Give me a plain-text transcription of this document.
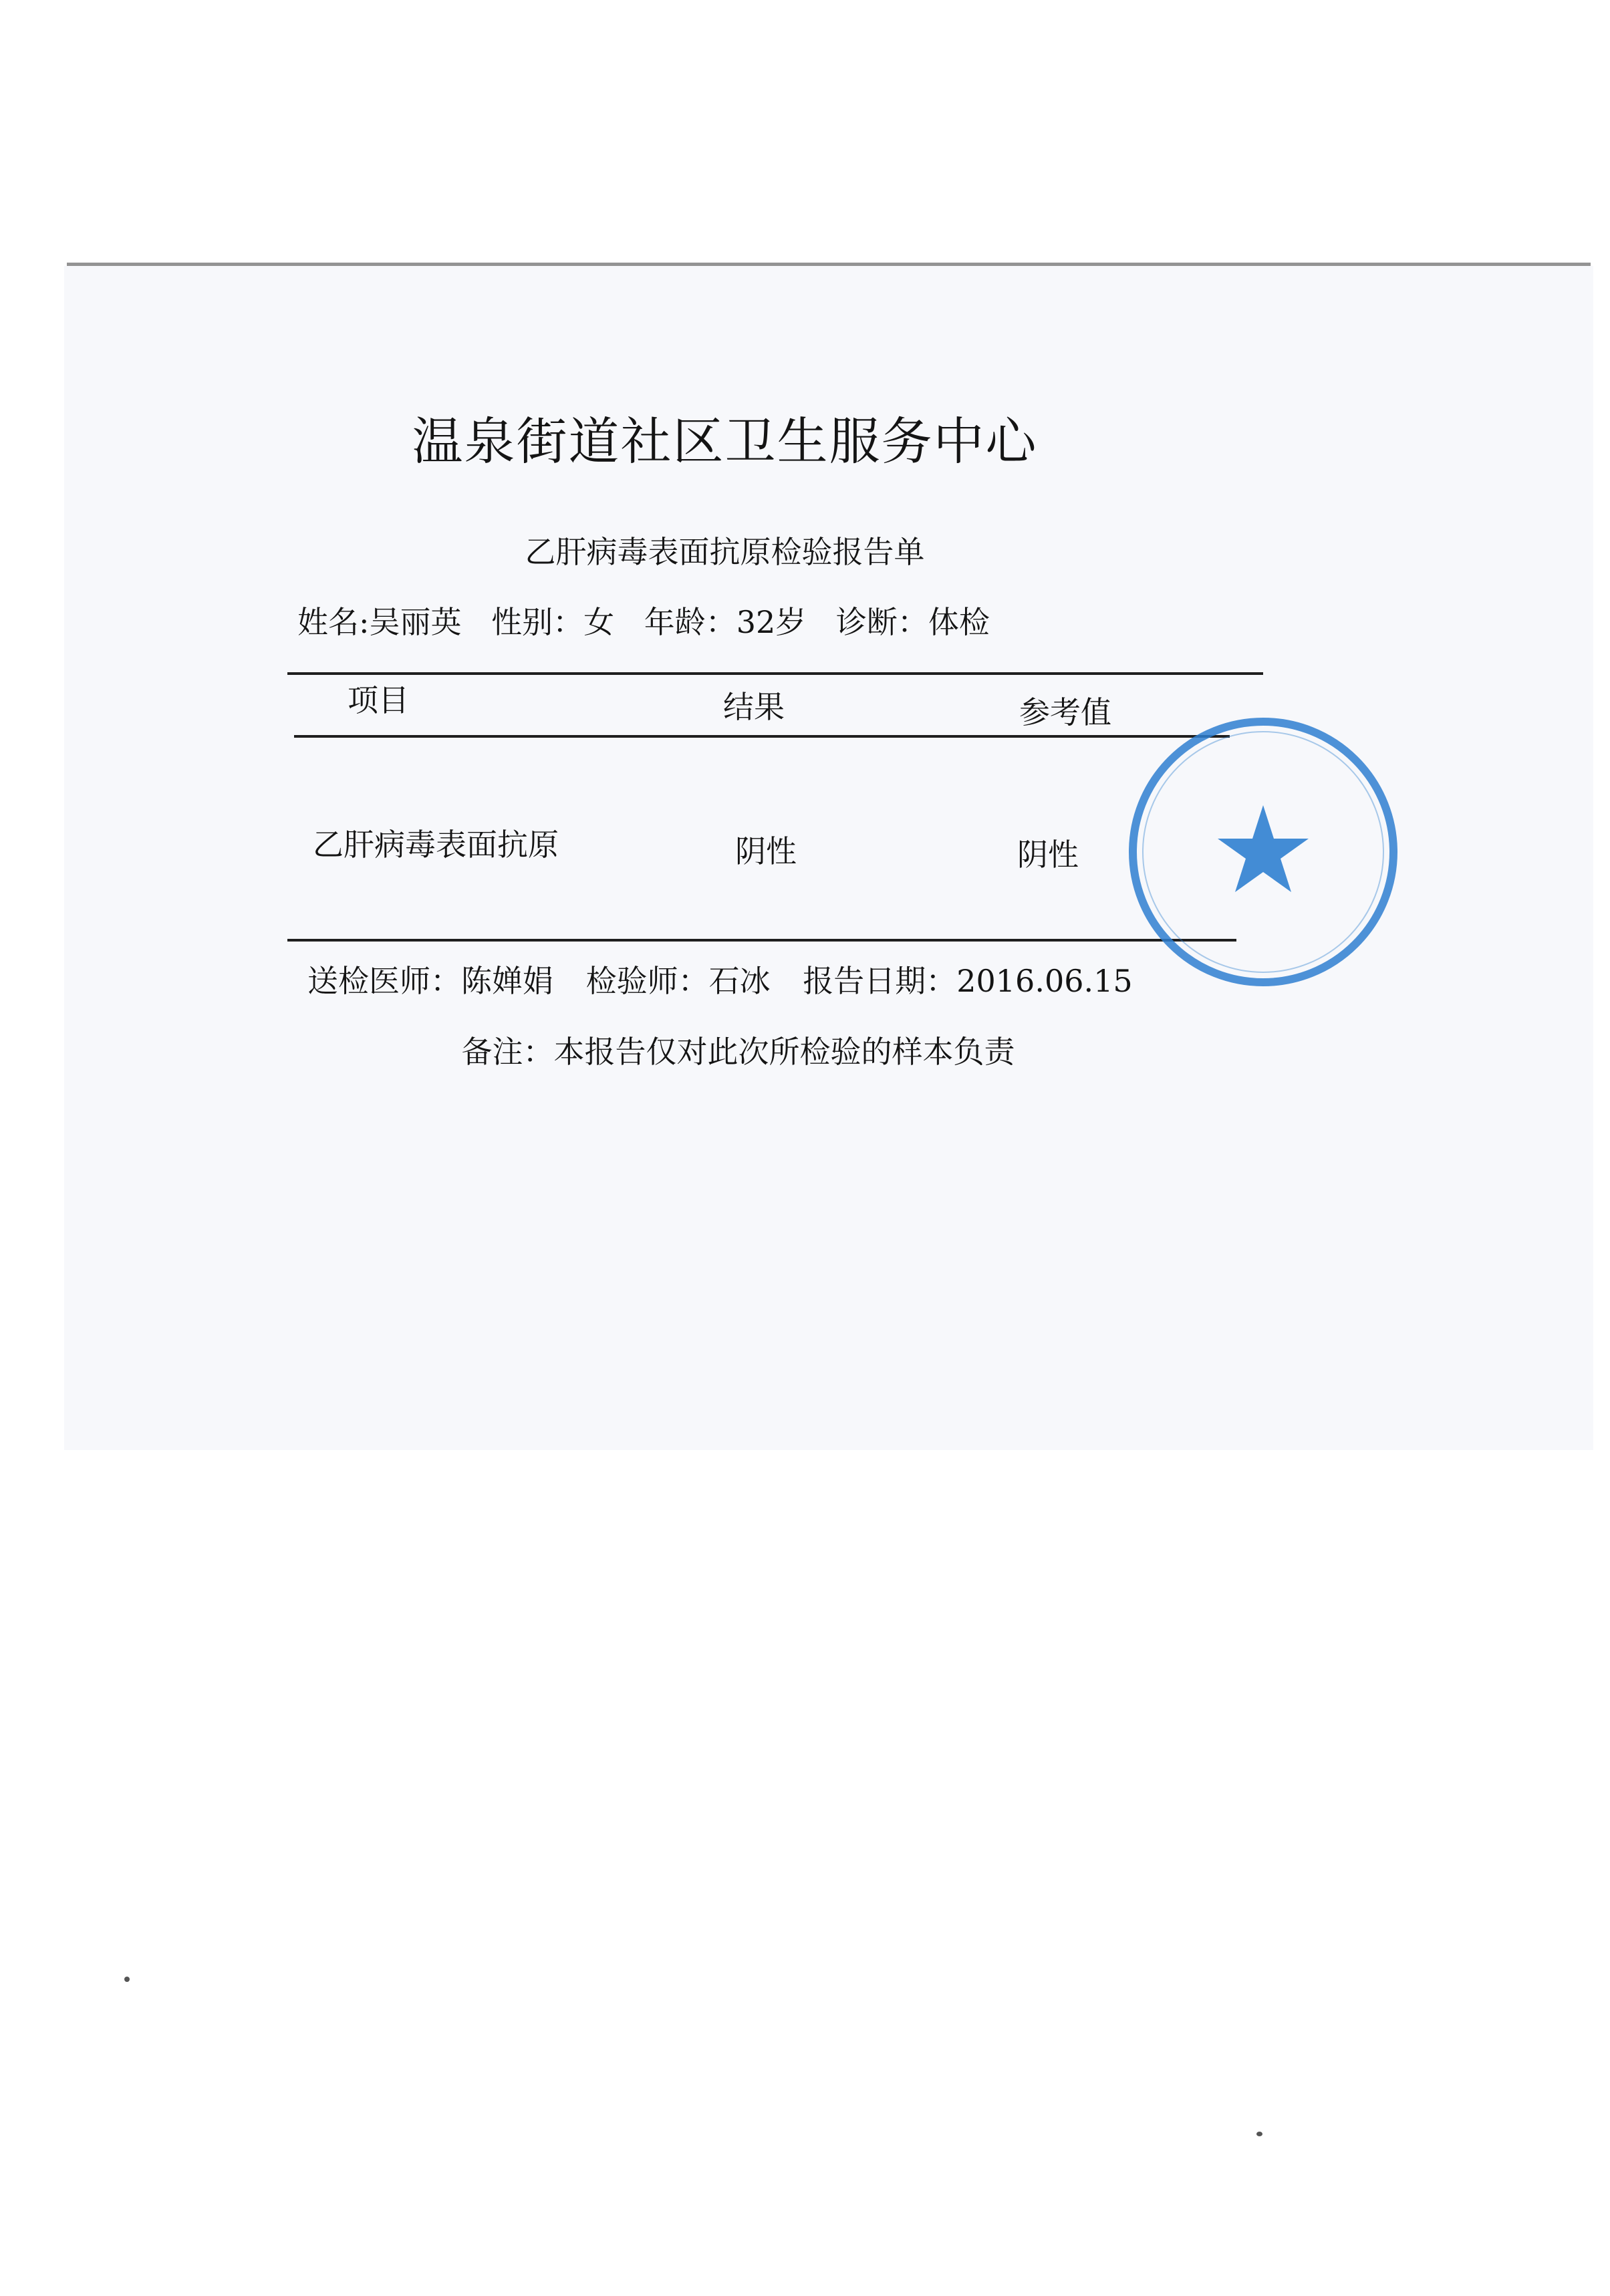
温泉街道社区卫生服务中心
乙肝病毒表面抗原检验报告单
姓名:吴丽英 性别：女 年龄：32岁 诊断：体检
项目	结果	参考值
乙肝病毒表面抗原	阴性	阴性
送检医师：陈婵娟 检验师：石冰 报告日期：2016.06.15
备注：本报告仅对此次所检验的样本负责
